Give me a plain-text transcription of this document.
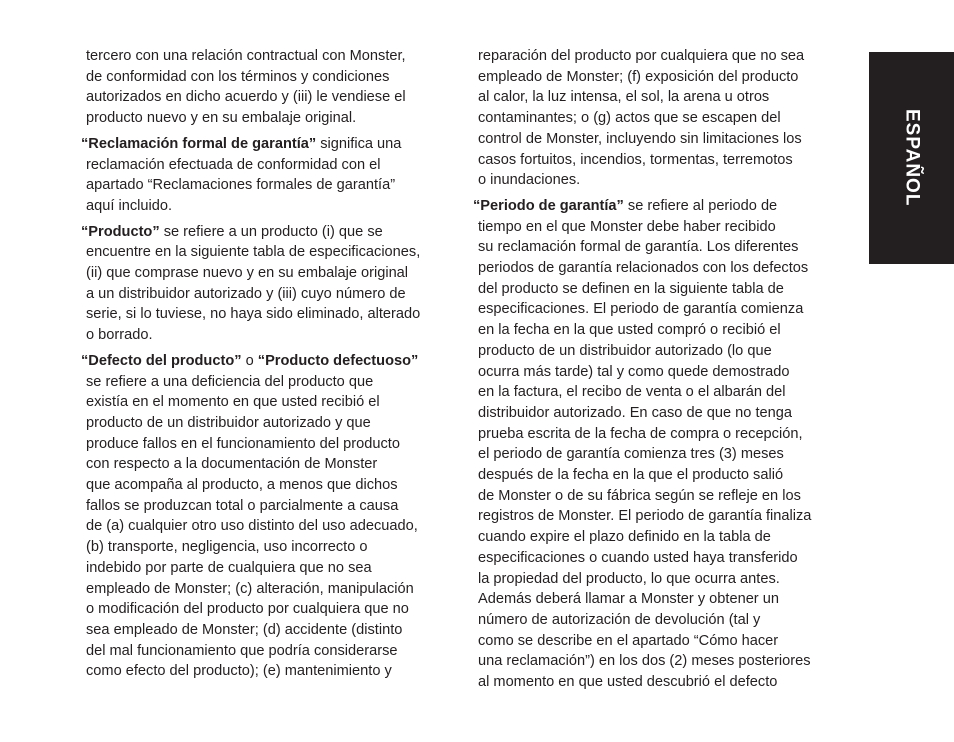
tercero con una relación contractual con Monster,
de conformidad con los términos y condiciones
autorizados en dicho acuerdo y (iii) le vendiese el
producto nuevo y en su embalaje original.
“Reclamación formal de garantía” significa una
reclamación efectuada de conformidad con el
apartado “Reclamaciones formales de garantía”
aquí incluido.
“Producto” se refiere a un producto (i) que se
encuentre en la siguiente tabla de especificaciones,
(ii) que comprase nuevo y en su embalaje original
a un distribuidor autorizado y (iii) cuyo número de
serie, si lo tuviese, no haya sido eliminado, alterado
o borrado.
“Defecto del producto” o “Producto defectuoso”
se refiere a una deficiencia del producto que
existía en el momento en que usted recibió el
producto de un distribuidor autorizado y que
produce fallos en el funcionamiento del producto
con respecto a la documentación de Monster
que acompaña al producto, a menos que dichos
fallos se produzcan total o parcialmente a causa
de (a) cualquier otro uso distinto del uso adecuado,
(b) transporte, negligencia, uso incorrecto o
indebido por parte de cualquiera que no sea
empleado de Monster; (c) alteración, manipulación
o modificación del producto por cualquiera que no
sea empleado de Monster; (d) accidente (distinto
del mal funcionamiento que podría considerarse
como efecto del producto); (e) mantenimiento y
reparación del producto por cualquiera que no sea
empleado de Monster; (f) exposición del producto
al calor, la luz intensa, el sol, la arena u otros
contaminantes; o (g) actos que se escapen del
control de Monster, incluyendo sin limitaciones los
casos fortuitos, incendios, tormentas, terremotos
o inundaciones.
“Periodo de garantía” se refiere al periodo de
tiempo en el que Monster debe haber recibido
su reclamación formal de garantía. Los diferentes
periodos de garantía relacionados con los defectos
del producto se definen en la siguiente tabla de
especificaciones. El periodo de garantía comienza
en la fecha en la que usted compró o recibió el
producto de un distribuidor autorizado (lo que
ocurra más tarde) tal y como quede demostrado
en la factura, el recibo de venta o el albarán del
distribuidor autorizado. En caso de que no tenga
prueba escrita de la fecha de compra o recepción,
el periodo de garantía comienza tres (3) meses
después de la fecha en la que el producto salió
de Monster o de su fábrica según se refleje en los
registros de Monster. El periodo de garantía finaliza
cuando expire el plazo definido en la tabla de
especificaciones o cuando usted haya transferido
la propiedad del producto, lo que ocurra antes.
Además deberá llamar a Monster y obtener un
número de autorización de devolución (tal y
como se describe en el apartado “Cómo hacer
una reclamación”) en los dos (2) meses posteriores
al momento en que usted descubrió el defecto
ESPAÑOL
